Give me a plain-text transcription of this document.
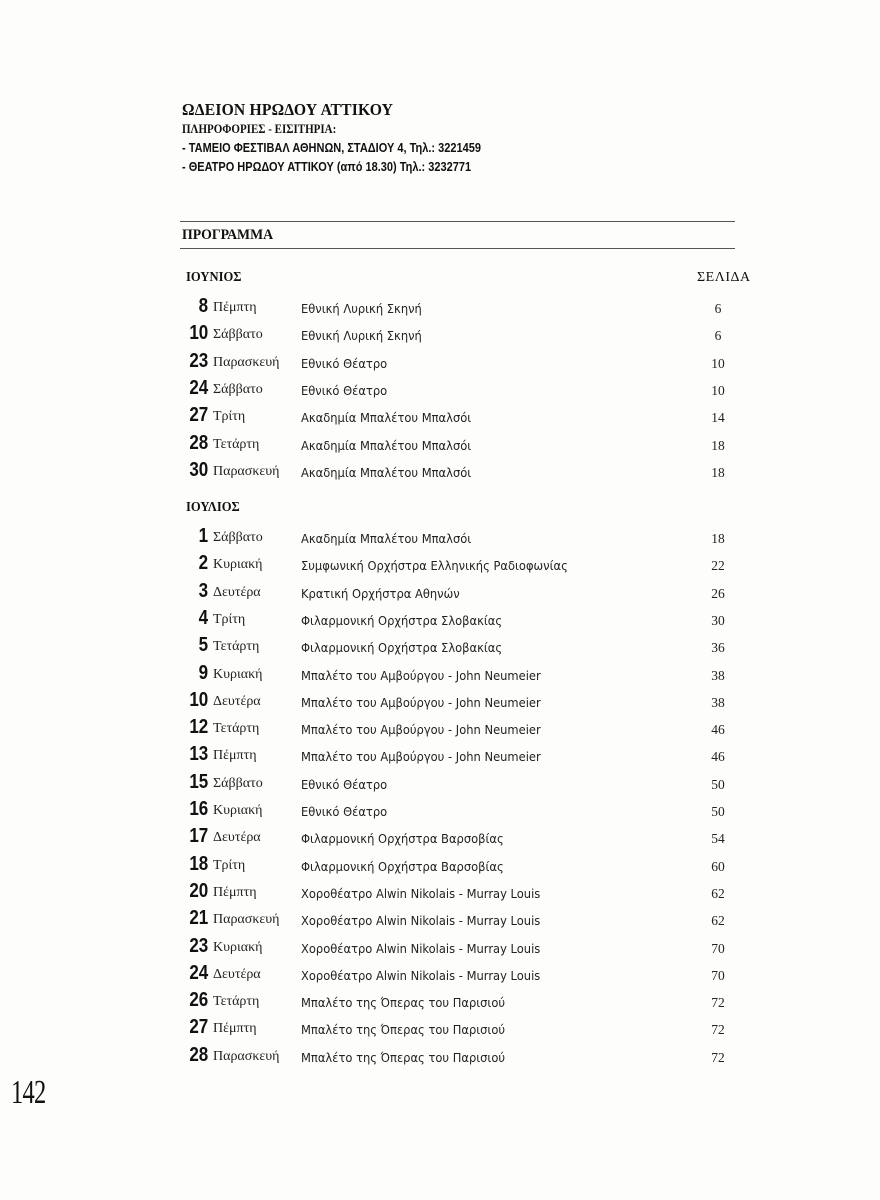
ΩΔΕΙΟΝ ΗΡΩΔΟΥ ΑΤΤΙΚΟΥ
ΠΛΗΡΟΦΟΡΙΕΣ - ΕΙΣΙΤΗΡΙΑ:
- ΤΑΜΕΙΟ ΦΕΣΤΙΒΑΛ ΑΘΗΝΩΝ, ΣΤΑΔΙΟΥ 4, Τηλ.: 3221459
- ΘΕΑΤΡΟ ΗΡΩΔΟΥ ΑΤΤΙΚΟΥ (από 18.30) Τηλ.: 3232771
ΠΡΟΓΡΑΜΜΑ
ΣΕΛΙΔΑ
ΙΟΥΝΙΟΣ
ΙΟΥΛΙΟΣ
8 Πέμπτη	Εθνική Λυρική Σκηνή	6
10 Σάββατο	Εθνική Λυρική Σκηνή	6
23 Παρασκευή Εθνικό Θέατρο	10
24 Σάββατο	Εθνικό Θέατρο	10
27 Τρίτη	Ακαδημία Μπαλέτου Μπαλσόι	14
28 Τετάρτη	Ακαδημία Μπαλέτου Μπαλσόι	18
30 Παρασκευή Ακαδημία Μπαλέτου Μπαλσόι	18
1 Σάββατο	Ακαδημία Μπαλέτου Μπαλσόι	18
2 Κυριακή	Συμφωνική Ορχήστρα Ελληνικής Ραδιοφωνίας	22
3 Δευτέρα	Κρατική Ορχήστρα Αθηνών	26
4 Τρίτη	Φιλαρμονική Ορχήστρα Σλοβακίας	30
5 Τετάρτη	Φιλαρμονική Ορχήστρα Σλοβακίας	36
9 Κυριακή	Μπαλέτο του Αμβούργου - John Neumeier	38
10 Δευτέρα	Μπαλέτο του Αμβούργου - John Neumeier	38
12 Τετάρτη	Μπαλέτο του Αμβούργου - John Neumeier	46
13 Πέμπτη	Μπαλέτο του Αμβούργου - John Neumeier	46
15 Σάββατο	Εθνικό Θέατρο	50
16 Κυριακή	Εθνικό Θέατρο	50
17 Δευτέρα	Φιλαρμονική Ορχήστρα Βαρσοβίας	54
18 Τρίτη	Φιλαρμονική Ορχήστρα Βαρσοβίας	60
20 Πέμπτη	Χοροθέατρο Alwin Nikolais - Murray Louis	62
21 Παρασκευή Χοροθέατρο Alwin Nikolais - Murray Louis	62
23 Κυριακή	Χοροθέατρο Alwin Nikolais - Murray Louis	70
24 Δευτέρα	Χοροθέατρο Alwin Nikolais - Murray Louis	70
26 Τετάρτη	Μπαλέτο της Όπερας του Παρισιού	72
27 Πέμπτη	Μπαλέτο της Όπερας του Παρισιού	72
28 Παρασκευή Μπαλέτο της Όπερας του Παρισιού	72
142
